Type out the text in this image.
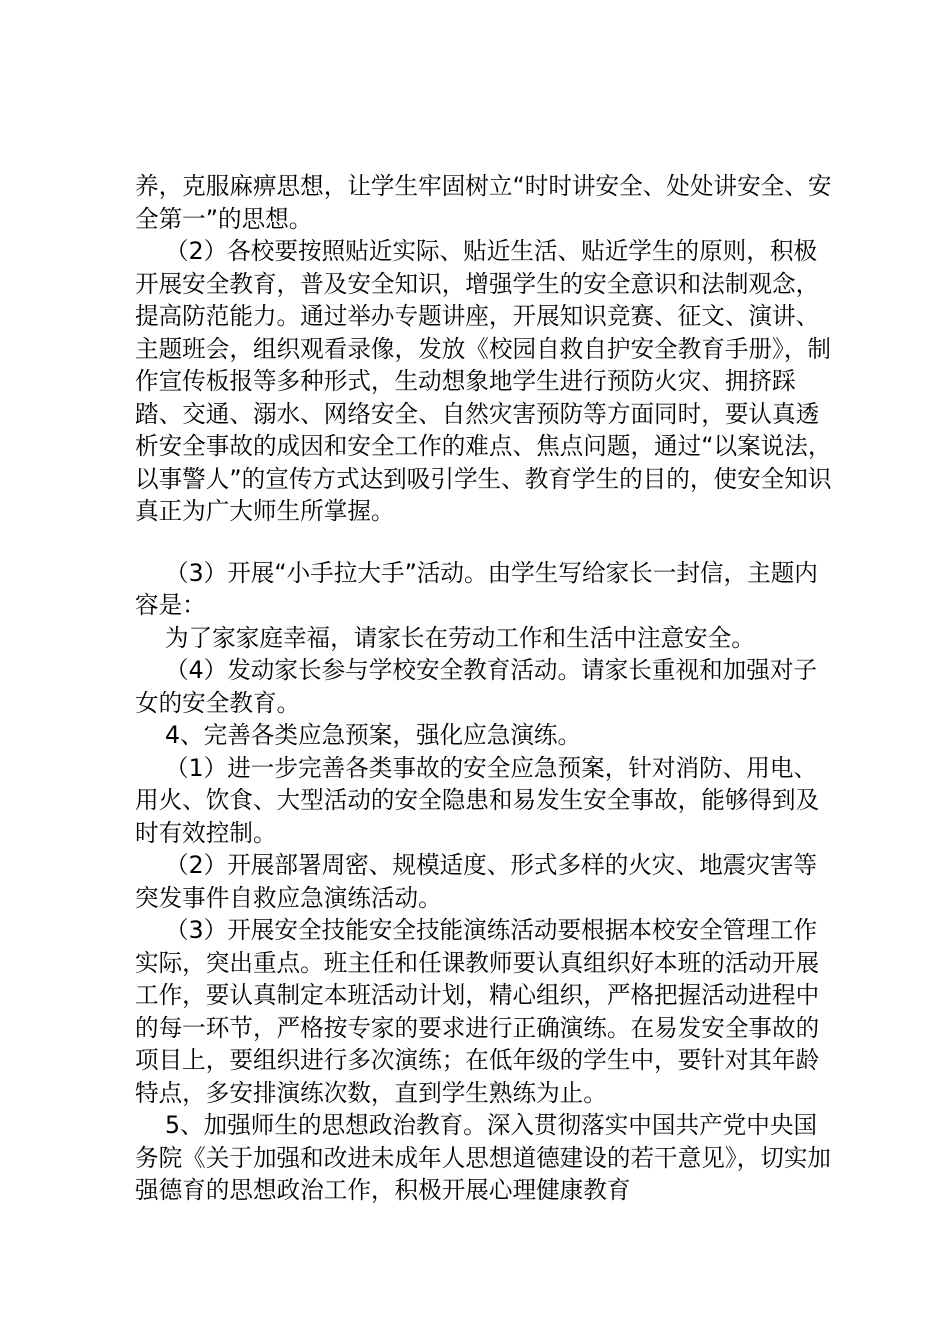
养，克服麻痹思想，让学生牢固树立“时时讲安全、处处讲安全、安全第一”的思想。

（2）各校要按照贴近实际、贴近生活、贴近学生的原则，积极开展安全教育，普及安全知识，增强学生的安全意识和法制观念，提高防范能力。通过举办专题讲座，开展知识竞赛、征文、演讲、主题班会，组织观看录像，发放《校园自救自护安全教育手册》，制作宣传板报等多种形式，生动想象地学生进行预防火灾、拥挤踩踏、交通、溺水、网络安全、自然灾害预防等方面同时，要认真透析安全事故的成因和安全工作的难点、焦点问题，通过“以案说法，以事警人”的宣传方式达到吸引学生、教育学生的目的，使安全知识真正为广大师生所掌握。

（3）开展“小手拉大手”活动。由学生写给家长一封信，主题内容是：

为了家家庭幸福，请家长在劳动工作和生活中注意安全。

（4）发动家长参与学校安全教育活动。请家长重视和加强对子女的安全教育。

4、完善各类应急预案，强化应急演练。

（1）进一步完善各类事故的安全应急预案，针对消防、用电、用火、饮食、大型活动的安全隐患和易发生安全事故，能够得到及时有效控制。

（2）开展部署周密、规模适度、形式多样的火灾、地震灾害等突发事件自救应急演练活动。

（3）开展安全技能安全技能演练活动要根据本校安全管理工作实际，突出重点。班主任和任课教师要认真组织好本班的活动开展工作，要认真制定本班活动计划，精心组织，严格把握活动进程中的每一环节，严格按专家的要求进行正确演练。在易发安全事故的项目上，要组织进行多次演练；在低年级的学生中，要针对其年龄特点，多安排演练次数，直到学生熟练为止。

5、加强师生的思想政治教育。深入贯彻落实中国共产党中央国务院《关于加强和改进未成年人思想道德建设的若干意见》，切实加强德育的思想政治工作，积极开展心理健康教育
